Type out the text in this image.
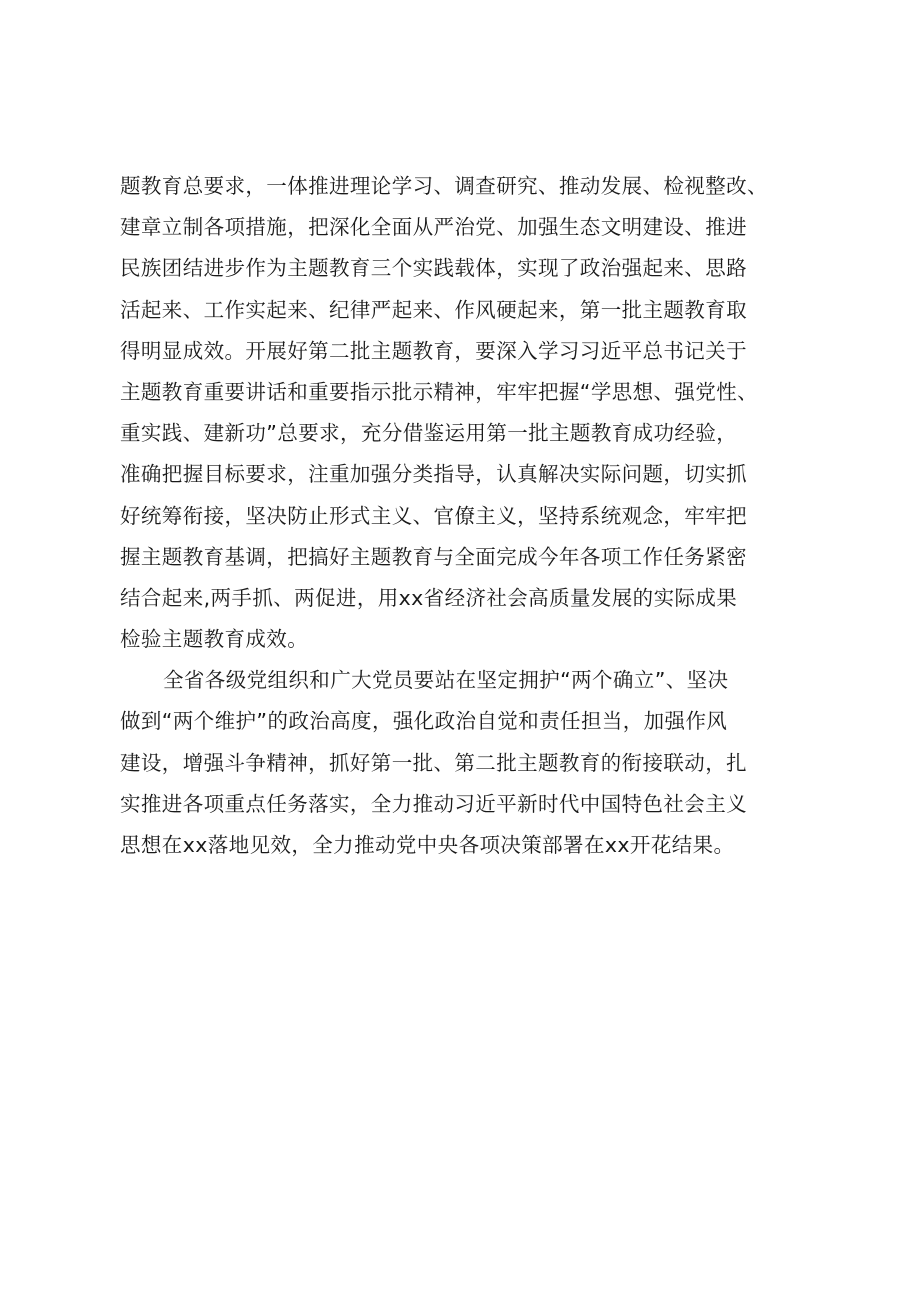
题教育总要求，一体推进理论学习、调查研究、推动发展、检视整改、
建章立制各项措施，把深化全面从严治党、加强生态文明建设、推进
民族团结进步作为主题教育三个实践载体，实现了政治强起来、思路
活起来、工作实起来、纪律严起来、作风硬起来，第一批主题教育取
得明显成效。开展好第二批主题教育，要深入学习习近平总书记关于
主题教育重要讲话和重要指示批示精神，牢牢把握“学思想、强党性、
重实践、建新功”总要求，充分借鉴运用第一批主题教育成功经验，
准确把握目标要求，注重加强分类指导，认真解决实际问题，切实抓
好统筹衔接，坚决防止形式主义、官僚主义，坚持系统观念，牢牢把
握主题教育基调，把搞好主题教育与全面完成今年各项工作任务紧密
结合起来,两手抓、两促进，用xx省经济社会高质量发展的实际成果
检验主题教育成效。
全省各级党组织和广大党员要站在坚定拥护“两个确立”、坚决
做到“两个维护”的政治高度，强化政治自觉和责任担当，加强作风
建设，增强斗争精神，抓好第一批、第二批主题教育的衔接联动，扎
实推进各项重点任务落实，全力推动习近平新时代中国特色社会主义
思想在xx落地见效，全力推动党中央各项决策部署在xx开花结果。
